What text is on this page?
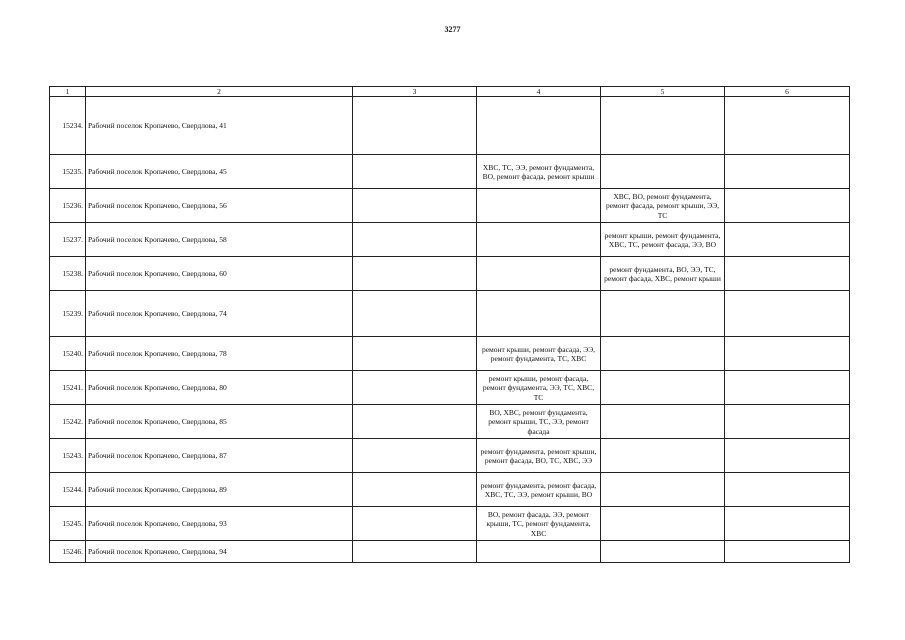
3277
1	2	3	4	5	6
15234.	Рабочий поселок Кропачево, Свердлова, 41				
15235.	Рабочий поселок Кропачево, Свердлова, 45		ХВС, ТС, ЭЭ, ремонт фундамента, ВО, ремонт фасада, ремонт крыши		
15236.	Рабочий поселок Кропачево, Свердлова, 56			ХВС, ВО, ремонт фундамента, ремонт фасада, ремонт крыши, ЭЭ, ТС	
15237.	Рабочий поселок Кропачево, Свердлова, 58			ремонт крыши, ремонт фундамента, ХВС, ТС, ремонт фасада, ЭЭ, ВО	
15238.	Рабочий поселок Кропачево, Свердлова, 60			ремонт фундамента, ВО, ЭЭ, ТС, ремонт фасада, ХВС, ремонт крыши	
15239.	Рабочий поселок Кропачево, Свердлова, 74				
15240.	Рабочий поселок Кропачево, Свердлова, 78		ремонт крыши, ремонт фасада, ЭЭ, ремонт фундамента, ТС, ХВС		
15241.	Рабочий поселок Кропачево, Свердлова, 80		ремонт крыши, ремонт фасада, ремонт фундамента, ЭЭ, ТС, ХВС, ТС		
15242.	Рабочий поселок Кропачево, Свердлова, 85		ВО, ХВС, ремонт фундамента, ремонт крыши, ТС, ЭЭ, ремонт фасада		
15243.	Рабочий поселок Кропачево, Свердлова, 87		ремонт фундамента, ремонт крыши, ремонт фасада, ВО, ТС, ХВС, ЭЭ		
15244.	Рабочий поселок Кропачево, Свердлова, 89		ремонт фундамента, ремонт фасада, ХВС, ТС, ЭЭ, ремонт крыши, ВО		
15245.	Рабочий поселок Кропачево, Свердлова, 93		ВО, ремонт фасада, ЭЭ, ремонт крыши, ТС, ремонт фундамента, ХВС		
15246.	Рабочий поселок Кропачево, Свердлова, 94				
